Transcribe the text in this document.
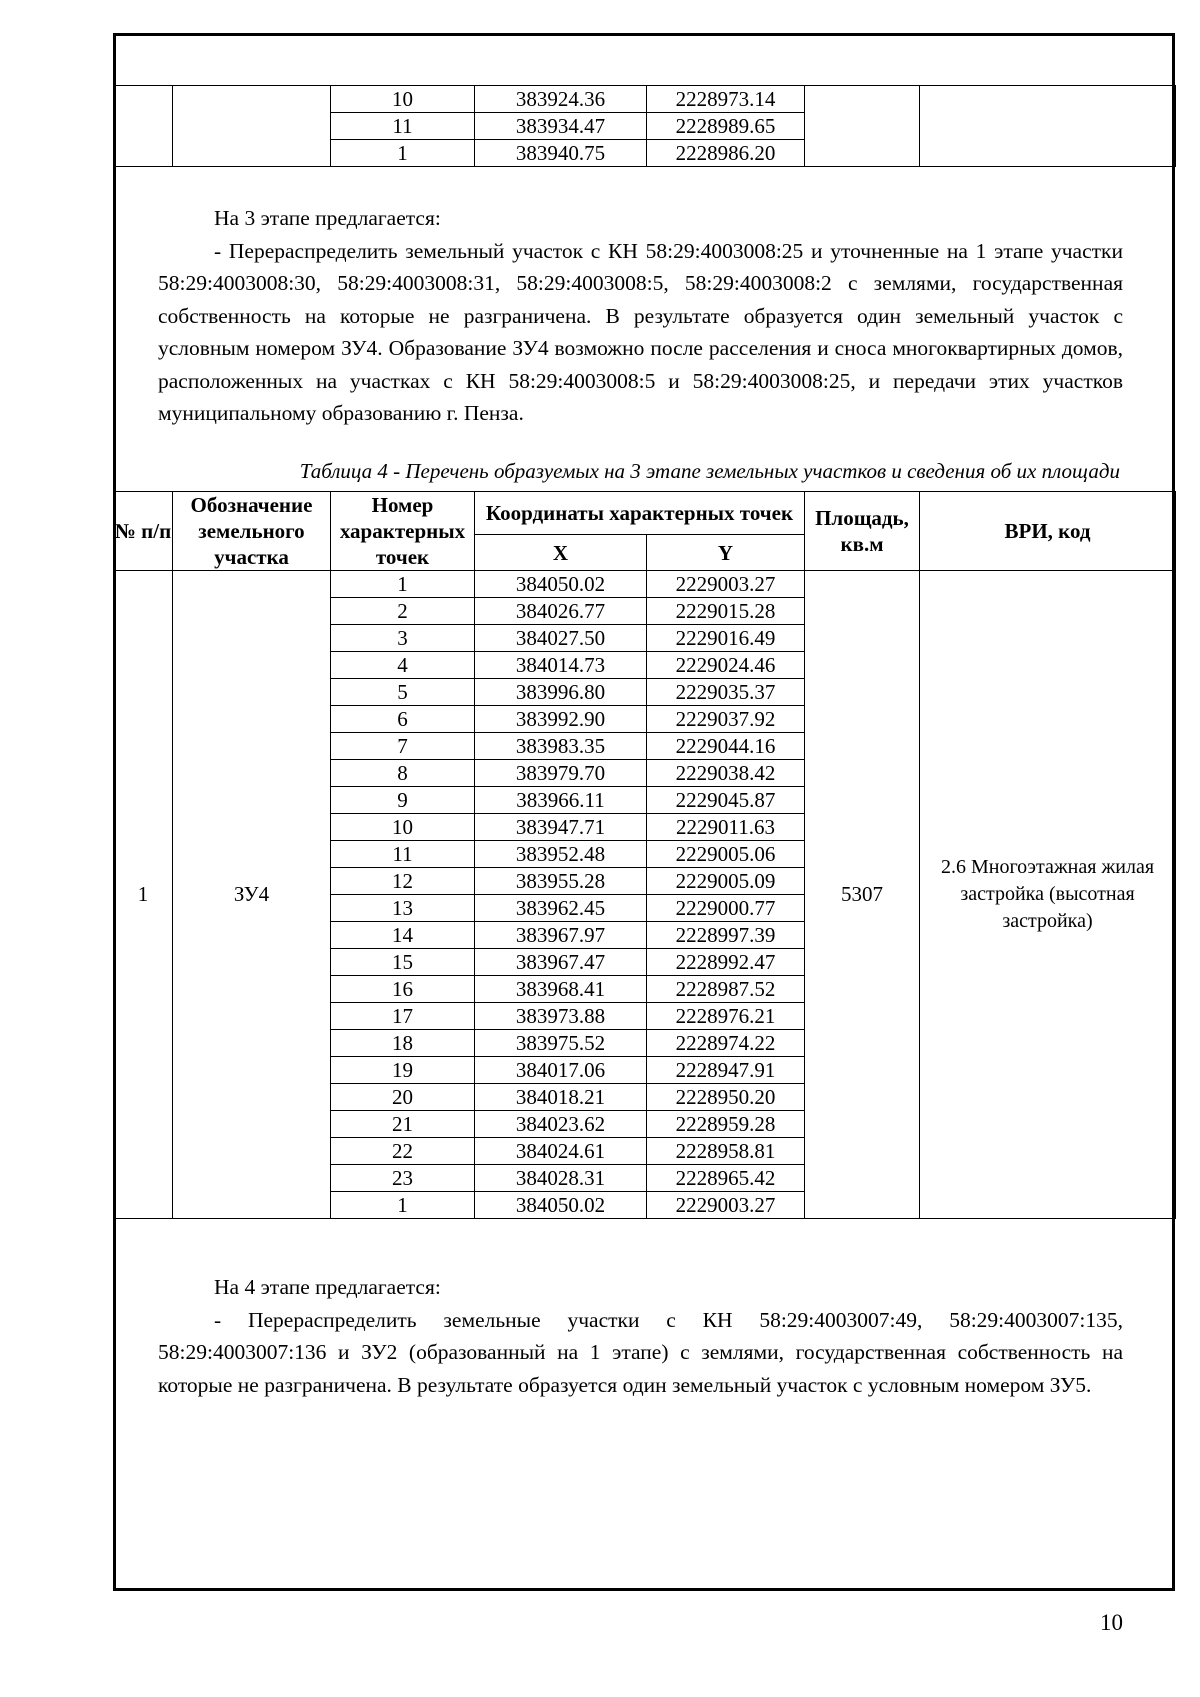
		10	383924.36	2228973.14		
		11	383934.47	2228989.65		
		1	383940.75	2228986.20		

На 3 этапе предлагается:

- Перераспределить земельный участок с КН 58:29:4003008:25 и уточненные на 1 этапе участки 58:29:4003008:30, 58:29:4003008:31, 58:29:4003008:5, 58:29:4003008:2 с землями, государственная собственность на которые не разграничена. В результате образуется один земельный участок с условным номером ЗУ4. Образование ЗУ4 возможно после расселения и сноса многоквартирных домов, расположенных на участках с КН 58:29:4003008:5 и 58:29:4003008:25, и передачи этих участков муниципальному образованию г. Пенза.

Таблица 4 - Перечень образуемых на 3 этапе земельных участков и сведения об их площади
№ п/п	Обозначение земельного участка	Номер характерных точек	Координаты характерных точек		Площадь, кв.м	ВРИ, код
			X	Y		
1	ЗУ4	1	384050.02	2229003.27	5307	2.6 Многоэтажная жилая застройка (высотная застройка)
		2	384026.77	2229015.28		
		3	384027.50	2229016.49		
		4	384014.73	2229024.46		
		5	383996.80	2229035.37		
		6	383992.90	2229037.92		
		7	383983.35	2229044.16		
		8	383979.70	2229038.42		
		9	383966.11	2229045.87		
		10	383947.71	2229011.63		
		11	383952.48	2229005.06		
		12	383955.28	2229005.09		
		13	383962.45	2229000.77		
		14	383967.97	2228997.39		
		15	383967.47	2228992.47		
		16	383968.41	2228987.52		
		17	383973.88	2228976.21		
		18	383975.52	2228974.22		
		19	384017.06	2228947.91		
		20	384018.21	2228950.20		
		21	384023.62	2228959.28		
		22	384024.61	2228958.81		
		23	384028.31	2228965.42		
		1	384050.02	2229003.27		

На 4 этапе предлагается:

- Перераспределить земельные участки с КН 58:29:4003007:49, 58:29:4003007:135, 58:29:4003007:136 и ЗУ2 (образованный на 1 этапе) с землями, государственная собственность на которые не разграничена. В результате образуется один земельный участок с условным номером ЗУ5.

10
